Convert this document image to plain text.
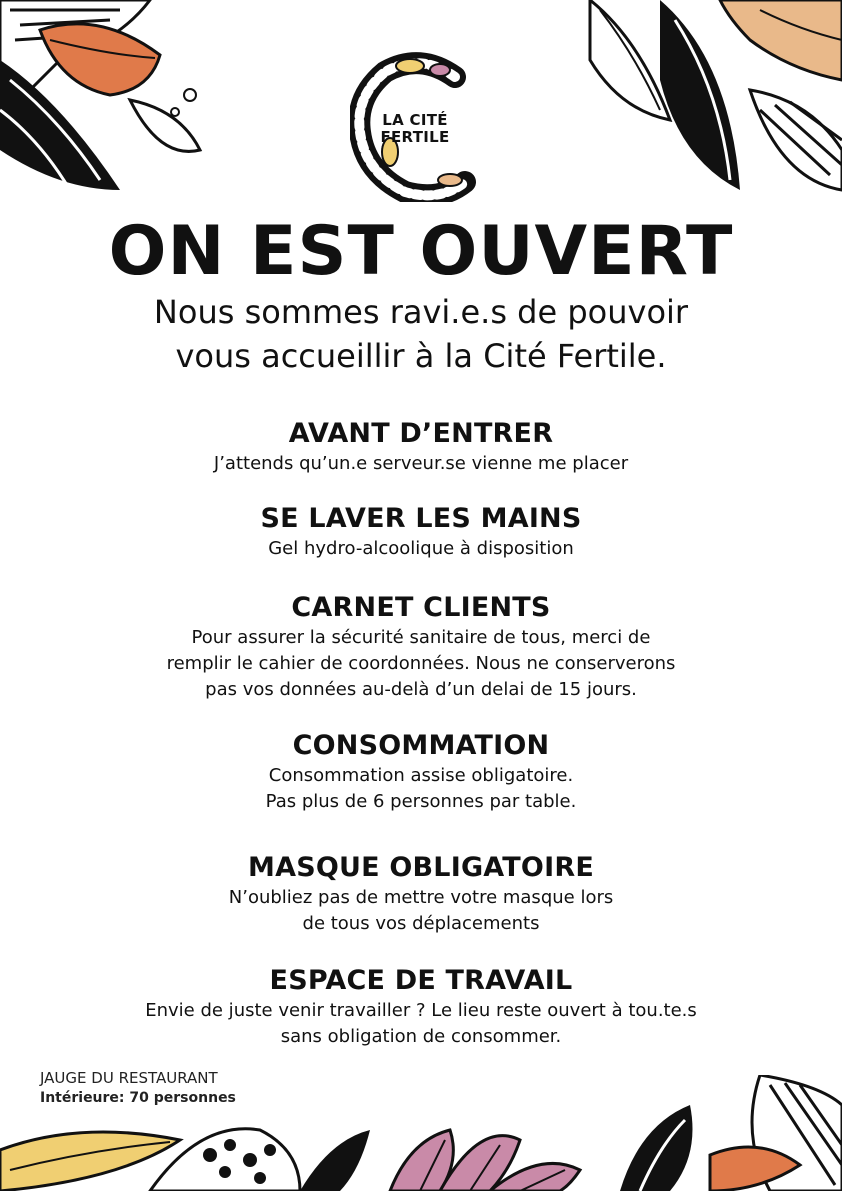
LA CITÉ
FERTILE
ON EST OUVERT
Nous sommes ravi.e.s de pouvoir
vous accueillir à la Cité Fertile.
AVANT D’ENTRER

J’attends qu’un.e serveur.se vienne me placer

SE LAVER LES MAINS

Gel hydro-alcoolique à disposition

CARNET CLIENTS

Pour assurer la sécurité sanitaire de tous, merci de

remplir le cahier de coordonnées. Nous ne conserverons

pas vos données au-delà d’un delai de 15 jours.

CONSOMMATION

Consommation assise obligatoire.

Pas plus de 6 personnes par table.

MASQUE OBLIGATOIRE

N’oubliez pas de mettre votre masque lors

de tous vos déplacements

ESPACE DE TRAVAIL

Envie de juste venir travailler ? Le lieu reste ouvert à tou.te.s

sans obligation de consommer.

JAUGE DU RESTAURANT
Intérieure: 70 personnes
